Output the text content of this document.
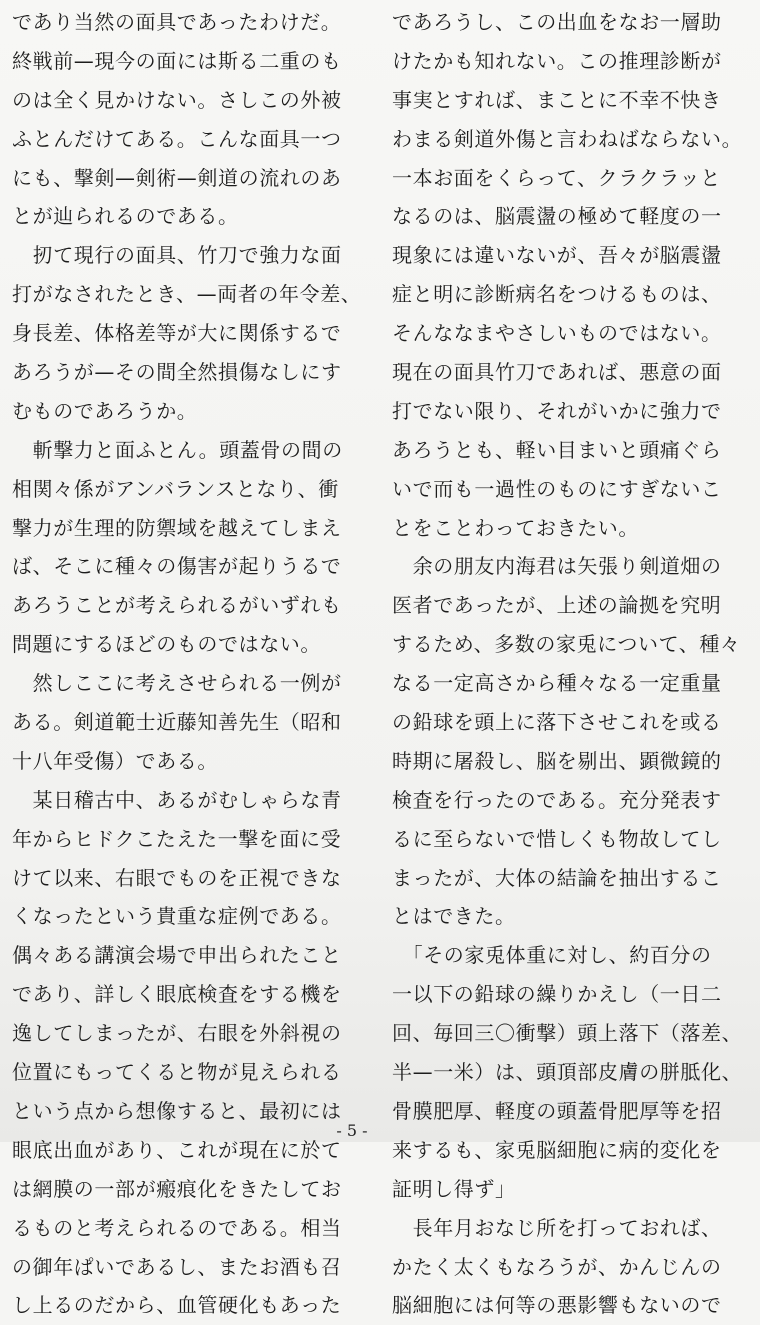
であり当然の面具であったわけだ。
終戦前—現今の面には斯る二重のも
のは全く見かけない。さしこの外被
ふとんだけてある。こんな面具一つ
にも、撃剣—剣術—剣道の流れのあ
とが辿られるのである。
　扨て現行の面具、竹刀で強力な面
打がなされたとき、—両者の年令差、
身長差、体格差等が大に関係するで
あろうが—その間全然損傷なしにす
むものであろうか。
　斬撃力と面ふとん。頭蓋骨の間の
相関々係がアンバランスとなり、衝
撃力が生理的防禦域を越えてしまえ
ば、そこに種々の傷害が起りうるで
あろうことが考えられるがいずれも
問題にするほどのものではない。
　然しここに考えさせられる一例が
ある。剣道範士近藤知善先生（昭和
十八年受傷）である。
　某日稽古中、あるがむしゃらな青
年からヒドクこたえた一撃を面に受
けて以来、右眼でものを正視できな
くなったという貴重な症例である。
偶々ある講演会場で申出られたこと
であり、詳しく眼底検査をする機を
逸してしまったが、右眼を外斜視の
位置にもってくると物が見えられる
という点から想像すると、最初には
眼底出血があり、これが現在に於て
は網膜の一部が瘢痕化をきたしてお
るものと考えられるのである。相当
の御年ぱいであるし、またお酒も召
し上るのだから、血管硬化もあった
であろうし、この出血をなお一層助
けたかも知れない。この推理診断が
事実とすれば、まことに不幸不快き
わまる剣道外傷と言わねばならない。
一本お面をくらって、クラクラッと
なるのは、脳震盪の極めて軽度の一
現象には違いないが、吾々が脳震盪
症と明に診断病名をつけるものは、
そんななまやさしいものではない。
現在の面具竹刀であれば、悪意の面
打でない限り、それがいかに強力で
あろうとも、軽い目まいと頭痛ぐら
いで而も一過性のものにすぎないこ
とをことわっておきたい。
　余の朋友内海君は矢張り剣道畑の
医者であったが、上述の論拠を究明
するため、多数の家兎について、種々
なる一定高さから種々なる一定重量
の鉛球を頭上に落下させこれを或る
時期に屠殺し、脳を剔出、顕微鏡的
検査を行ったのである。充分発表す
るに至らないで惜しくも物故してし
まったが、大体の結論を抽出するこ
とはできた。
　「その家兎体重に対し、約百分の
一以下の鉛球の繰りかえし（一日二
回、毎回三〇衝撃）頭上落下（落差、
半—一米）は、頭頂部皮膚の胼胝化、
骨膜肥厚、軽度の頭蓋骨肥厚等を招
来するも、家兎脳細胞に病的変化を
証明し得ず」
　長年月おなじ所を打っておれば、
かたく太くもなろうが、かんじんの
脳細胞には何等の悪影響もないので
- 5 -
